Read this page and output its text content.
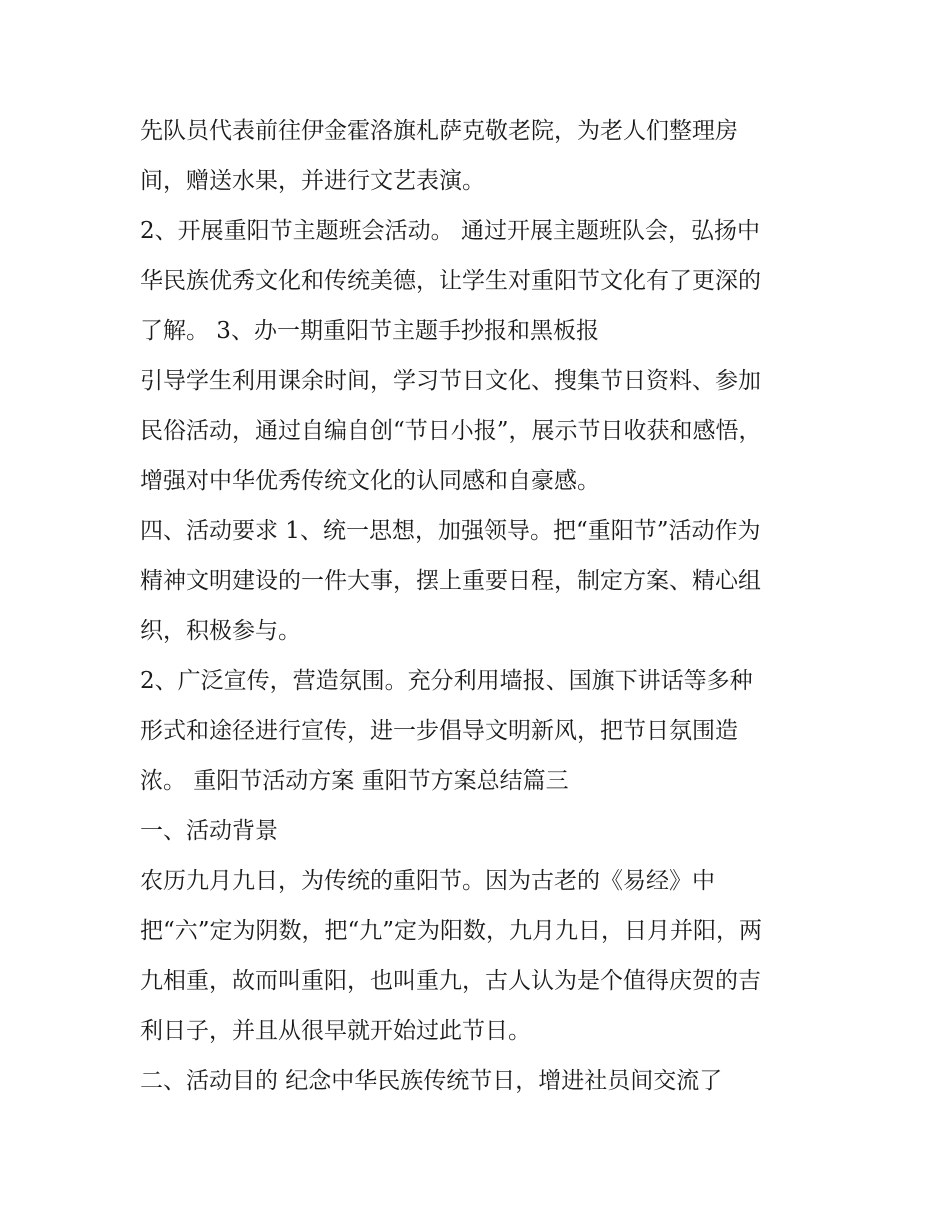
先队员代表前往伊金霍洛旗札萨克敬老院，为老人们整理房
间，赠送水果，并进行文艺表演。
2、开展重阳节主题班会活动。 通过开展主题班队会，弘扬中
华民族优秀文化和传统美德，让学生对重阳节文化有了更深的
了解。 3、办一期重阳节主题手抄报和黑板报
引导学生利用课余时间，学习节日文化、搜集节日资料、参加
民俗活动，通过自编自创“节日小报”，展示节日收获和感悟，
增强对中华优秀传统文化的认同感和自豪感。
四、活动要求 1、统一思想，加强领导。把“重阳节”活动作为
精神文明建设的一件大事，摆上重要日程，制定方案、精心组
织，积极参与。
2、广泛宣传，营造氛围。充分利用墙报、国旗下讲话等多种
形式和途径进行宣传，进一步倡导文明新风，把节日氛围造
浓。 重阳节活动方案 重阳节方案总结篇三
一、活动背景
农历九月九日，为传统的重阳节。因为古老的《易经》中
把“六”定为阴数，把“九”定为阳数，九月九日，日月并阳，两
九相重，故而叫重阳，也叫重九，古人认为是个值得庆贺的吉
利日子，并且从很早就开始过此节日。
二、活动目的 纪念中华民族传统节日，增进社员间交流了
